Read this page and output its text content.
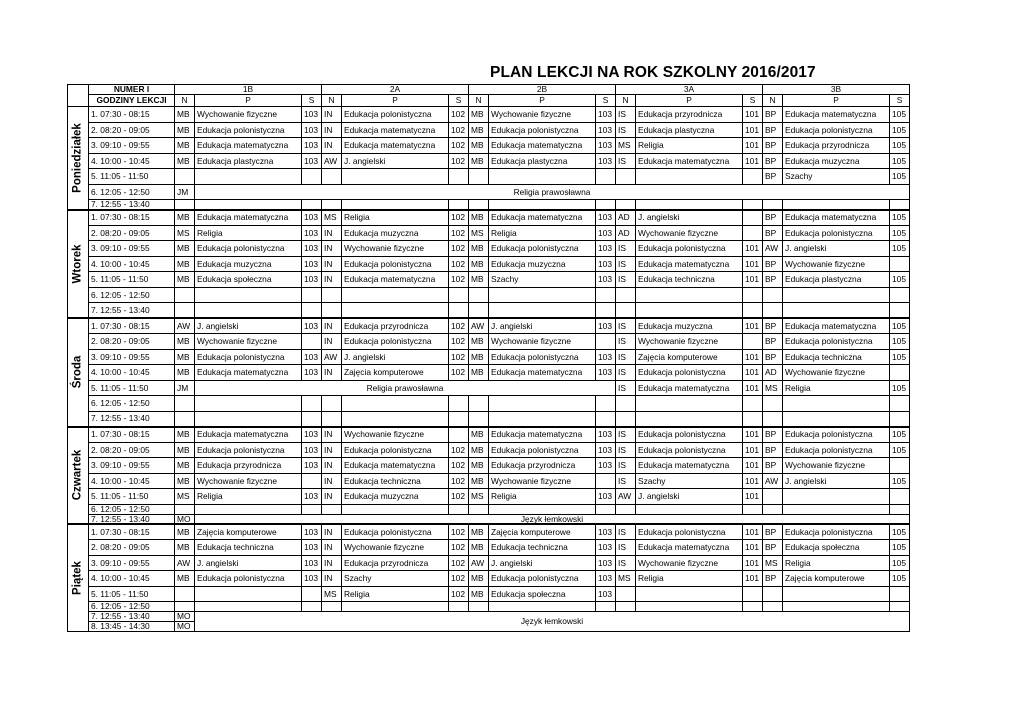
PLAN LEKCJI NA ROK SZKOLNY 2016/2017
	NUMER I	1B			2A			2B			3A			3B		
	GODZINY LEKCJI	N	P	S	N	P	S	N	P	S	N	P	S	N	P	S

Poniedziałek	1. 07:30 - 08:15	MB	Wychowanie fizyczne	103	IN	Edukacja polonistyczna	102	MB	Wychowanie fizyczne	103	IS	Edukacja przyrodnicza	101	BP	Edukacja matematyczna	105
	2. 08:20 - 09:05	MB	Edukacja polonistyczna	103	IN	Edukacja matematyczna	102	MB	Edukacja polonistyczna	103	IS	Edukacja plastyczna	101	BP	Edukacja polonistyczna	105
	3. 09:10 - 09:55	MB	Edukacja matematyczna	103	IN	Edukacja matematyczna	102	MB	Edukacja matematyczna	103	MS	Religia	101	BP	Edukacja przyrodnicza	105
	4. 10:00 - 10:45	MB	Edukacja plastyczna	103	AW	J. angielski	102	MB	Edukacja plastyczna	103	IS	Edukacja matematyczna	101	BP	Edukacja muzyczna	105
	5. 11:05 - 11:50													BP	Szachy	105
	6. 12:05 - 12:50	JM	Religia prawosławna													
	7. 12:55 - 13:40															

Wtorek	1. 07:30 - 08:15	MB	Edukacja matematyczna	103	MS	Religia	102	MB	Edukacja matematyczna	103	AD	J. angielski		BP	Edukacja matematyczna	105
	2. 08:20 - 09:05	MS	Religia	103	IN	Edukacja muzyczna	102	MS	Religia	103	AD	Wychowanie fizyczne		BP	Edukacja polonistyczna	105
	3. 09:10 - 09:55	MB	Edukacja polonistyczna	103	IN	Wychowanie fizyczne	102	MB	Edukacja polonistyczna	103	IS	Edukacja polonistyczna	101	AW	J. angielski	105
	4. 10:00 - 10:45	MB	Edukacja muzyczna	103	IN	Edukacja polonistyczna	102	MB	Edukacja muzyczna	103	IS	Edukacja matematyczna	101	BP	Wychowanie fizyczne	
	5. 11:05 - 11:50	MB	Edukacja społeczna	103	IN	Edukacja matematyczna	102	MB	Szachy	103	IS	Edukacja techniczna	101	BP	Edukacja plastyczna	105
	6. 12:05 - 12:50															
	7. 12:55 - 13:40															

Środa	1. 07:30 - 08:15	AW	J. angielski	103	IN	Edukacja przyrodnicza	102	AW	J. angielski	103	IS	Edukacja muzyczna	101	BP	Edukacja matematyczna	105
	2. 08:20 - 09:05	MB	Wychowanie fizyczne		IN	Edukacja polonistyczna	102	MB	Wychowanie fizyczne		IS	Wychowanie fizyczne		BP	Edukacja polonistyczna	105
	3. 09:10 - 09:55	MB	Edukacja polonistyczna	103	AW	J. angielski	102	MB	Edukacja polonistyczna	103	IS	Zajęcia komputerowe	101	BP	Edukacja techniczna	105
	4. 10:00 - 10:45	MB	Edukacja matematyczna	103	IN	Zajęcia komputerowe	102	MB	Edukacja matematyczna	103	IS	Edukacja polonistyczna	101	AD	Wychowanie fizyczne	
	5. 11:05 - 11:50	JM	Religia prawosławna								IS	Edukacja matematyczna	101	MS	Religia	105
	6. 12:05 - 12:50															
	7. 12:55 - 13:40															

Czwartek	1. 07:30 - 08:15	MB	Edukacja matematyczna	103	IN	Wychowanie fizyczne		MB	Edukacja matematyczna	103	IS	Edukacja polonistyczna	101	BP	Edukacja polonistyczna	105
	2. 08:20 - 09:05	MB	Edukacja polonistyczna	103	IN	Edukacja polonistyczna	102	MB	Edukacja polonistyczna	103	IS	Edukacja polonistyczna	101	BP	Edukacja polonistyczna	105
	3. 09:10 - 09:55	MB	Edukacja przyrodnicza	103	IN	Edukacja matematyczna	102	MB	Edukacja przyrodnicza	103	IS	Edukacja matematyczna	101	BP	Wychowanie fizyczne	
	4. 10:00 - 10:45	MB	Wychowanie fizyczne		IN	Edukacja techniczna	102	MB	Wychowanie fizyczne		IS	Szachy	101	AW	J. angielski	105
	5. 11:05 - 11:50	MS	Religia	103	IN	Edukacja muzyczna	102	MS	Religia	103	AW	J. angielski	101			
	6. 12:05 - 12:50															
	7. 12:55 - 13:40	MO	Język łemkowski													

Piątek	1. 07:30 - 08:15	MB	Zajęcia komputerowe	103	IN	Edukacja polonistyczna	102	MB	Zajęcia komputerowe	103	IS	Edukacja polonistyczna	101	BP	Edukacja polonistyczna	105
	2. 08:20 - 09:05	MB	Edukacja techniczna	103	IN	Wychowanie fizyczne	102	MB	Edukacja techniczna	103	IS	Edukacja matematyczna	101	BP	Edukacja społeczna	105
	3. 09:10 - 09:55	AW	J. angielski	103	IN	Edukacja przyrodnicza	102	AW	J. angielski	103	IS	Wychowanie fizyczne	101	MS	Religia	105
	4. 10:00 - 10:45	MB	Edukacja polonistyczna	103	IN	Szachy	102	MB	Edukacja polonistyczna	103	MS	Religia	101	BP	Zajęcia komputerowe	105
	5. 11:05 - 11:50				MS	Religia	102	MB	Edukacja społeczna	103						
	6. 12:05 - 12:50															
	7. 12:55 - 13:40	MO	Język łemkowski													
	8. 13:45 - 14:30	MO														
